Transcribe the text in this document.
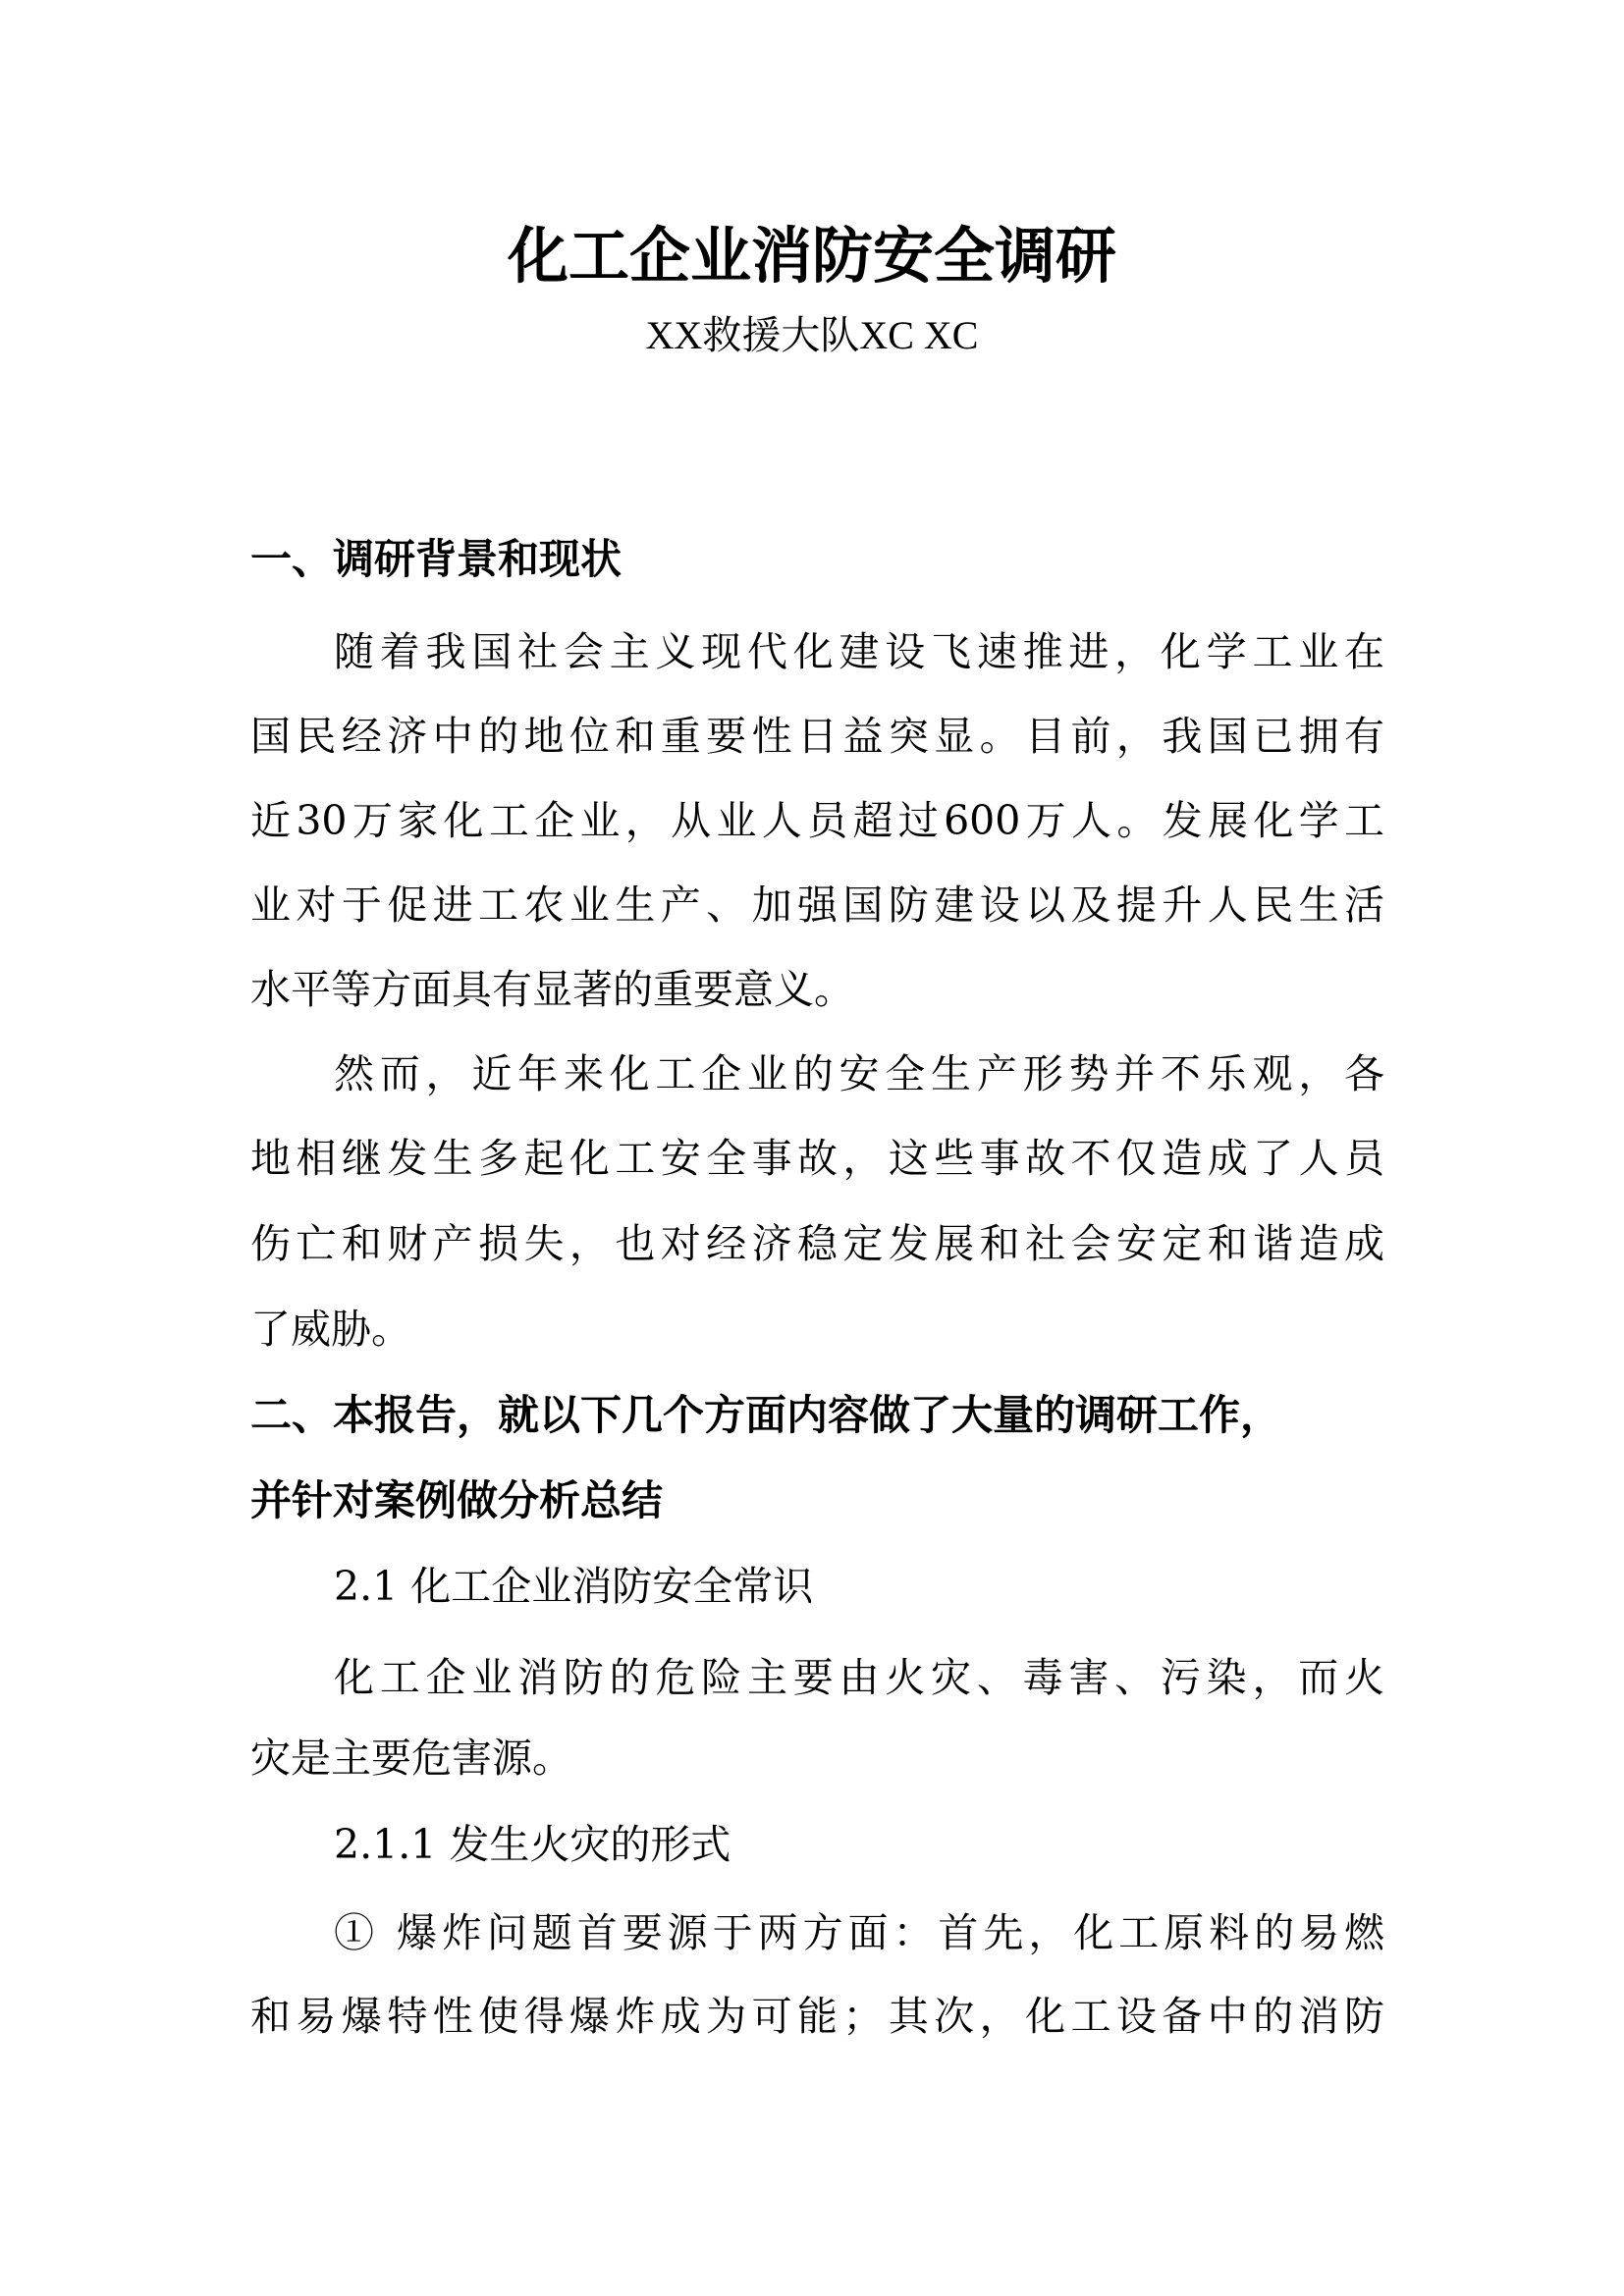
化工企业消防安全调研
XX救援大队XC XC
一、调研背景和现状
随着我国社会主义现代化建设飞速推进，化学工业在
国民经济中的地位和重要性日益突显。目前，我国已拥有
近30万家化工企业，从业人员超过600万人。发展化学工
业对于促进工农业生产、加强国防建设以及提升人民生活
水平等方面具有显著的重要意义。
然而，近年来化工企业的安全生产形势并不乐观，各
地相继发生多起化工安全事故，这些事故不仅造成了人员
伤亡和财产损失，也对经济稳定发展和社会安定和谐造成
了威胁。
二、本报告，就以下几个方面内容做了大量的调研工作，
并针对案例做分析总结
2.1 化工企业消防安全常识
化工企业消防的危险主要由火灾、毒害、污染，而火
灾是主要危害源。
2.1.1 发生火灾的形式
① 爆炸问题首要源于两方面：首先，化工原料的易燃
和易爆特性使得爆炸成为可能；其次，化工设备中的消防
